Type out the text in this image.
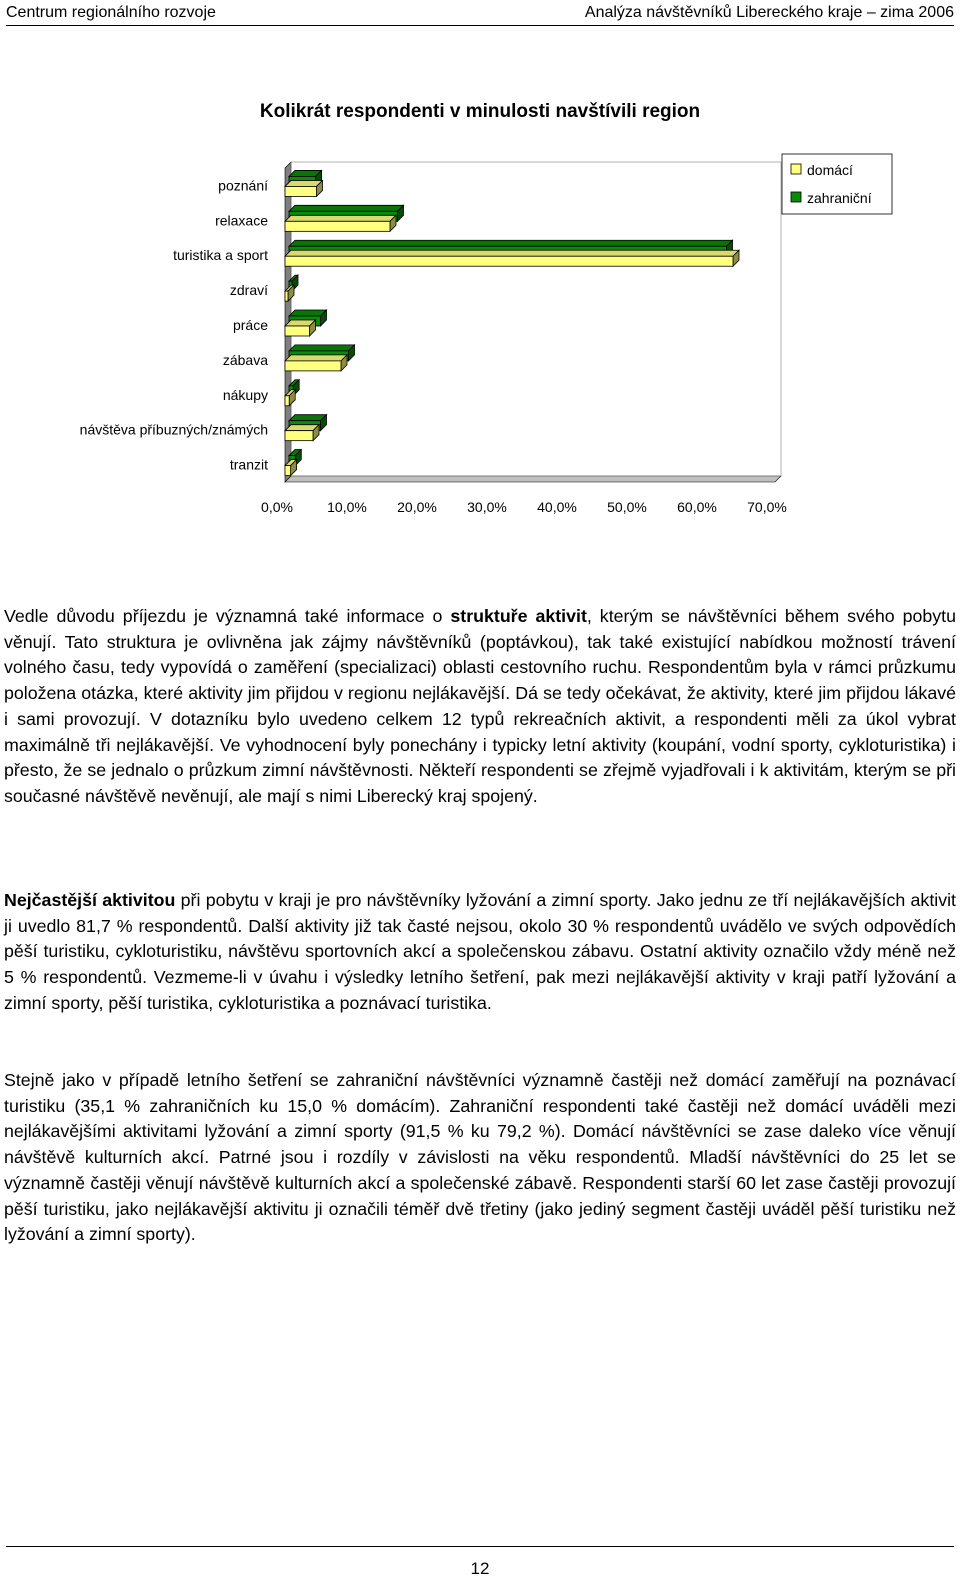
Centrum regionálního rozvoje	Analýza návštěvníků Libereckého kraje – zima 2006
Kolikrát respondenti v minulosti navštívili region
poznání
relaxace
turistika a sport
zdraví
práce
zábava
nákupy
návštěva příbuzných/známých
tranzit
0,0% 10,0% 20,0% 30,0% 40,0% 50,0% 60,0% 70,0%
domácí
zahraniční

Vedle důvodu příjezdu je významná také informace o struktuře aktivit, kterým se návštěvníci během svého pobytu věnují. Tato struktura je ovlivněna jak zájmy návštěvníků (poptávkou), tak také existující nabídkou možností trávení volného času, tedy vypovídá o zaměření (specializaci) oblasti cestovního ruchu. Respondentům byla v rámci průzkumu položena otázka, které aktivity jim přijdou v regionu nejlákavější. Dá se tedy očekávat, že aktivity, které jim přijdou lákavé i sami provozují. V dotazníku bylo uvedeno celkem 12 typů rekreačních aktivit, a respondenti měli za úkol vybrat maximálně tři nejlákavější. Ve vyhodnocení byly ponechány i typicky letní aktivity (koupání, vodní sporty, cykloturistika) i přesto, že se jednalo o průzkum zimní návštěvnosti. Někteří respondenti se zřejmě vyjadřovali i k aktivitám, kterým se při současné návštěvě nevěnují, ale mají s nimi Liberecký kraj spojený.

Nejčastější aktivitou při pobytu v kraji je pro návštěvníky lyžování a zimní sporty. Jako jednu ze tří nejlákavějších aktivit ji uvedlo 81,7 % respondentů. Další aktivity již tak časté nejsou, okolo 30 % respondentů uvádělo ve svých odpovědích pěší turistiku, cykloturistiku, návštěvu sportovních akcí a společenskou zábavu. Ostatní aktivity označilo vždy méně než 5 % respondentů. Vezmeme-li v úvahu i výsledky letního šetření, pak mezi nejlákavější aktivity v kraji patří lyžování a zimní sporty, pěší turistika, cykloturistika a poznávací turistika.

Stejně jako v případě letního šetření se zahraniční návštěvníci významně častěji než domácí zaměřují na poznávací turistiku (35,1 % zahraničních ku 15,0 % domácím). Zahraniční respondenti také častěji než domácí uváděli mezi nejlákavějšími aktivitami lyžování a zimní sporty (91,5 % ku 79,2 %). Domácí návštěvníci se zase daleko více věnují návštěvě kulturních akcí. Patrné jsou i rozdíly v závislosti na věku respondentů. Mladší návštěvníci do 25 let se významně častěji věnují návštěvě kulturních akcí a společenské zábavě. Respondenti starší 60 let zase častěji provozují pěší turistiku, jako nejlákavější aktivitu ji označili téměř dvě třetiny (jako jediný segment častěji uváděl pěší turistiku než lyžování a zimní sporty).

12
